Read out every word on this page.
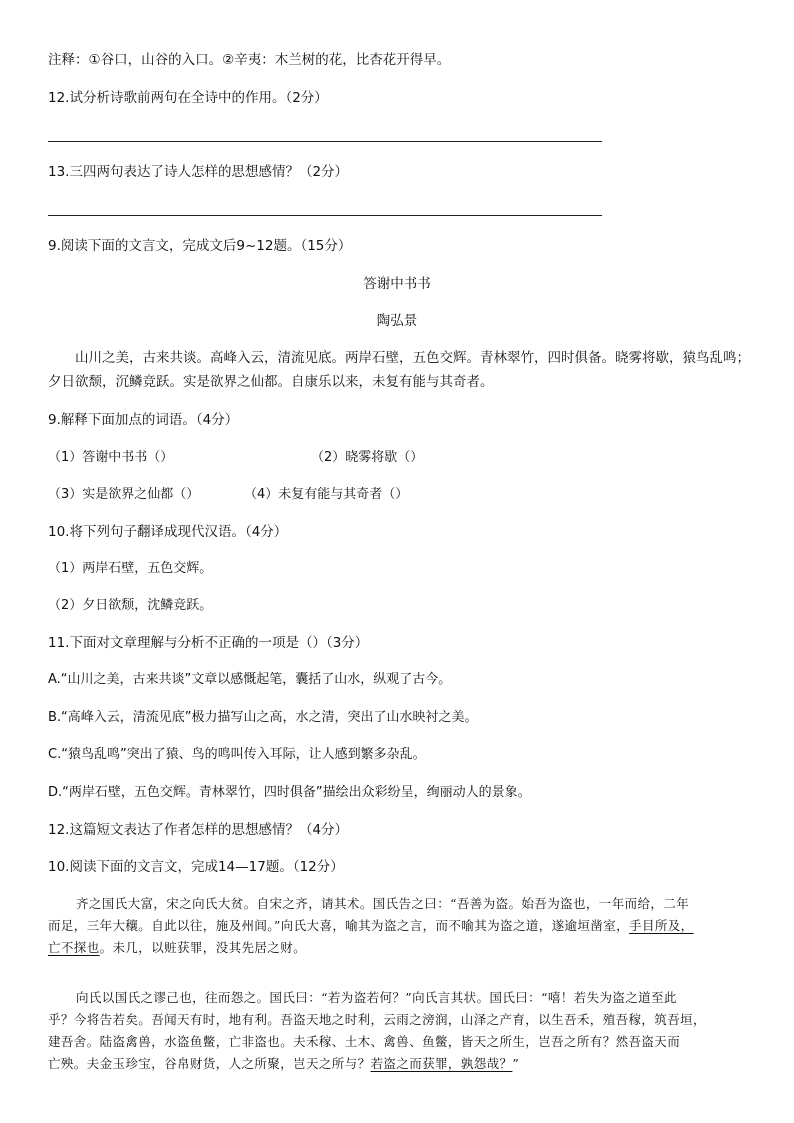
注释：①谷口，山谷的入口。②辛夷：木兰树的花，比杏花开得早。
12.试分析诗歌前两句在全诗中的作用。（2分）
13.三四两句表达了诗人怎样的思想感情？（2分）
9.阅读下面的文言文，完成文后9~12题。（15分）
答谢中书书
陶弘景
山川之美，古来共谈。高峰入云，清流见底。两岸石壁，五色交辉。青林翠竹，四时俱备。晓雾将歇，猿鸟乱鸣；夕日欲颓，沉鳞竞跃。实是欲界之仙都。自康乐以来，未复有能与其奇者。
9.解释下面加点的词语。（4分）
（1）答谢中书书（）	（2）晓雾将歇（）
（3）实是欲界之仙都（）	（4）未复有能与其奇者（）
10.将下列句子翻译成现代汉语。（4分）
（1）两岸石壁，五色交辉。
（2）夕日欲颓，沈鳞竞跃。
11.下面对文章理解与分析不正确的一项是（）（3分）
A.“山川之美，古来共谈”文章以感慨起笔，囊括了山水，纵观了古今。
B.“高峰入云，清流见底”极力描写山之高，水之清，突出了山水映衬之美。
C.“猿鸟乱鸣”突出了猿、鸟的鸣叫传入耳际，让人感到繁多杂乱。
D.“两岸石壁，五色交辉。青林翠竹，四时俱备”描绘出众彩纷呈，绚丽动人的景象。
12.这篇短文表达了作者怎样的思想感情？（4分）
10.阅读下面的文言文，完成14—17题。（12分）
齐之国氏大富，宋之向氏大贫。自宋之齐，请其术。国氏告之曰：“吾善为盗。始吾为盗也，一年而给，二年
而足，三年大穰。自此以往，施及州闾。”向氏大喜，喻其为盗之言，而不喻其为盗之道，遂逾垣凿室，手目所及，
亡不探也。未几，以赃获罪，没其先居之财。
向氏以国氏之谬己也，往而怨之。国氏曰：“若为盗若何？”向氏言其状。国氏曰：“嘻！若失为盗之道至此
乎？今将告若矣。吾闻天有时，地有利。吾盗天地之时利，云雨之滂润，山泽之产育，以生吾禾，殖吾稼，筑吾垣，
建吾舍。陆盗禽兽，水盗鱼鳖，亡非盗也。夫禾稼、土木、禽兽、鱼鳖，皆天之所生，岂吾之所有？然吾盗天而
亡殃。夫金玉珍宝，谷帛财货，人之所聚，岂天之所与？若盗之而获罪，孰怨哉？”
